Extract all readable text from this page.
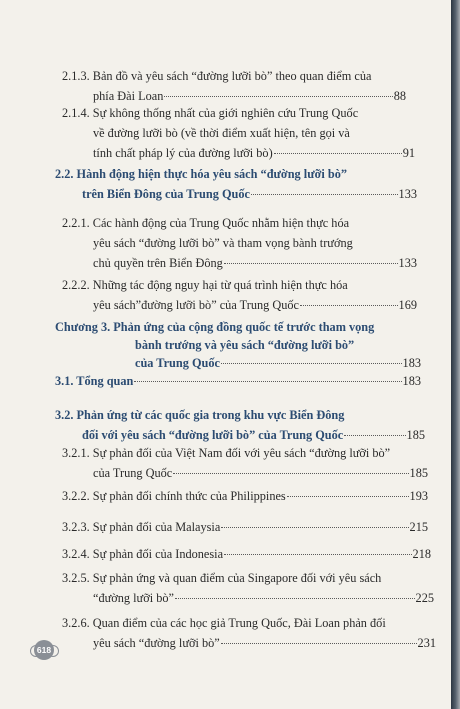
2.1.3. Bản đồ và yêu sách “đường lưỡi bò” theo quan điểm của
phía Đài Loan	88
2.1.4. Sự không thống nhất của giới nghiên cứu Trung Quốc
về đường lưỡi bò (về thời điểm xuất hiện, tên gọi và
tính chất pháp lý của đường lưỡi bò)	91
2.2. Hành động hiện thực hóa yêu sách “đường lưỡi bò”
trên Biển Đông của Trung Quốc	133
2.2.1. Các hành động của Trung Quốc nhằm hiện thực hóa
yêu sách “đường lưỡi bò” và tham vọng bành trướng
chủ quyền trên Biển Đông	133
2.2.2. Những tác động nguy hại từ quá trình hiện thực hóa
yêu sách”đường lưỡi bò” của Trung Quốc	169
Chương 3. Phản ứng của cộng đồng quốc tế trước tham vọng
bành trướng và yêu sách “đường lưỡi bò”
của Trung Quốc	183
3.1. Tổng quan	183
3.2. Phản ứng từ các quốc gia trong khu vực Biển Đông
đối với yêu sách “đường lưỡi bò” của Trung Quốc	185
3.2.1. Sự phản đối của Việt Nam đối với yêu sách “đường lưỡi bò”
của Trung Quốc	185
3.2.2. Sự phản đối chính thức của Philippines	193
3.2.3. Sự phản đối của Malaysia	215
3.2.4. Sự phản đối của Indonesia	218
3.2.5. Sự phản ứng và quan điểm của Singapore đối với yêu sách
“đường lưỡi bò”	225
3.2.6. Quan điểm của các học giả Trung Quốc, Đài Loan phản đối
yêu sách “đường lưỡi bò”	231
618
